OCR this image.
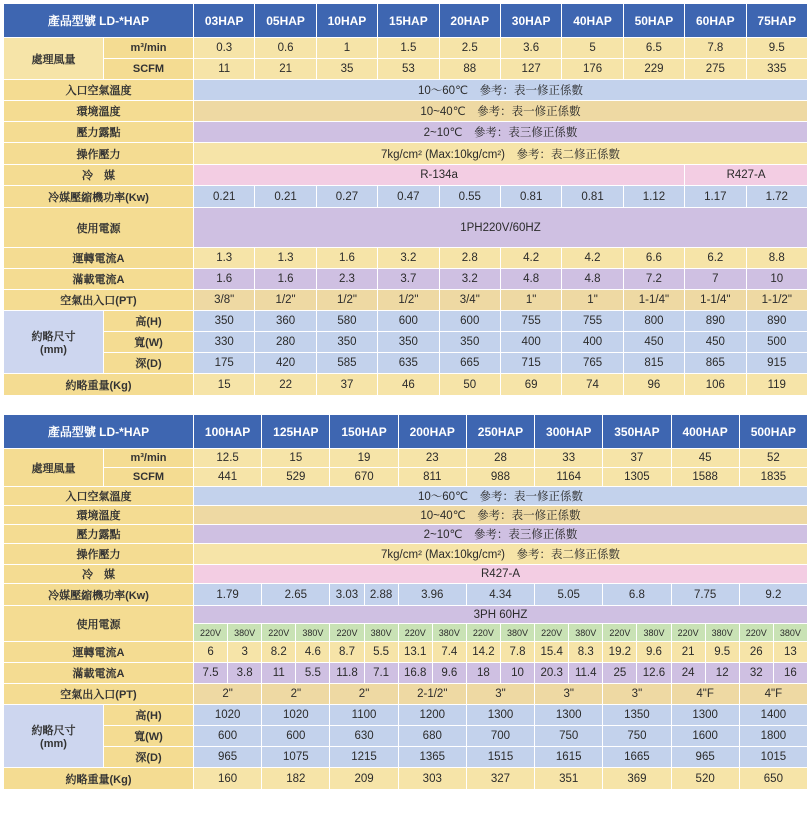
產品型號 LD-*HAP		03HAP	05HAP	10HAP	15HAP	20HAP	30HAP	40HAP	50HAP	60HAP	75HAP
處理風量	m³/min	0.3	0.6	1	1.5	2.5	3.6	5	6.5	7.8	9.5
	SCFM	11	21	35	53	88	127	176	229	275	335
入口空氣溫度		10～60℃　參考：表一修正係數									
環境溫度		10~40℃　參考：表一修正係數									
壓力露點		2~10℃　參考：表三修正係數									
操作壓力		7kg/cm² (Max:10kg/cm²)　參考：表二修正係數									
冷　媒		R-134a								R427-A	
冷媒壓縮機功率(Kw)		0.21	0.21	0.27	0.47	0.55	0.81	0.81	1.12	1.17	1.72
使用電源		1PH220V/60HZ									
運轉電流A		1.3	1.3	1.6	3.2	2.8	4.2	4.2	6.6	6.2	8.8
滿載電流A		1.6	1.6	2.3	3.7	3.2	4.8	4.8	7.2	7	10
空氣出入口(PT)		3/8"	1/2"	1/2"	1/2"	3/4"	1"	1"	1-1/4"	1-1/4"	1-1/2"
約略尺寸
(mm)	高(H)	350	360	580	600	600	755	755	800	890	890
	寬(W)	330	280	350	350	350	400	400	450	450	500
	深(D)	175	420	585	635	665	715	765	815	865	915
約略重量(Kg)		15	22	37	46	50	69	74	96	106	119
產品型號 LD-*HAP		100HAP		125HAP		150HAP		200HAP		250HAP		300HAP		350HAP		400HAP		500HAP	
處理風量	m³/min	12.5		15		19		23		28		33		37		45		52	
	SCFM	441		529		670		811		988		1164		1305		1588		1835	
入口空氣溫度		10～60℃　參考：表一修正係數																	
環境溫度		10~40℃　參考：表一修正係數																	
壓力露點		2~10℃　參考：表三修正係數																	
操作壓力		7kg/cm² (Max:10kg/cm²)　參考：表二修正係數																	
冷　媒		R427-A																	
冷媒壓縮機功率(Kw)		1.79		2.65		3.03	2.88	3.96		4.34		5.05		6.8		7.75		9.2	
使用電源		3PH 60HZ																	
		220V	380V	220V	380V	220V	380V	220V	380V	220V	380V	220V	380V	220V	380V	220V	380V	220V	380V
運轉電流A		6	3	8.2	4.6	8.7	5.5	13.1	7.4	14.2	7.8	15.4	8.3	19.2	9.6	21	9.5	26	13
滿載電流A		7.5	3.8	11	5.5	11.8	7.1	16.8	9.6	18	10	20.3	11.4	25	12.6	24	12	32	16
空氣出入口(PT)		2"		2"		2"		2-1/2"		3"		3"		3"		4"F		4"F	
約略尺寸
(mm)	高(H)	1020		1020		1100		1200		1300		1300		1350		1300		1400	
	寬(W)	600		600		630		680		700		750		750		1600		1800	
	深(D)	965		1075		1215		1365		1515		1615		1665		965		1015	
約略重量(Kg)		160		182		209		303		327		351		369		520		650	
